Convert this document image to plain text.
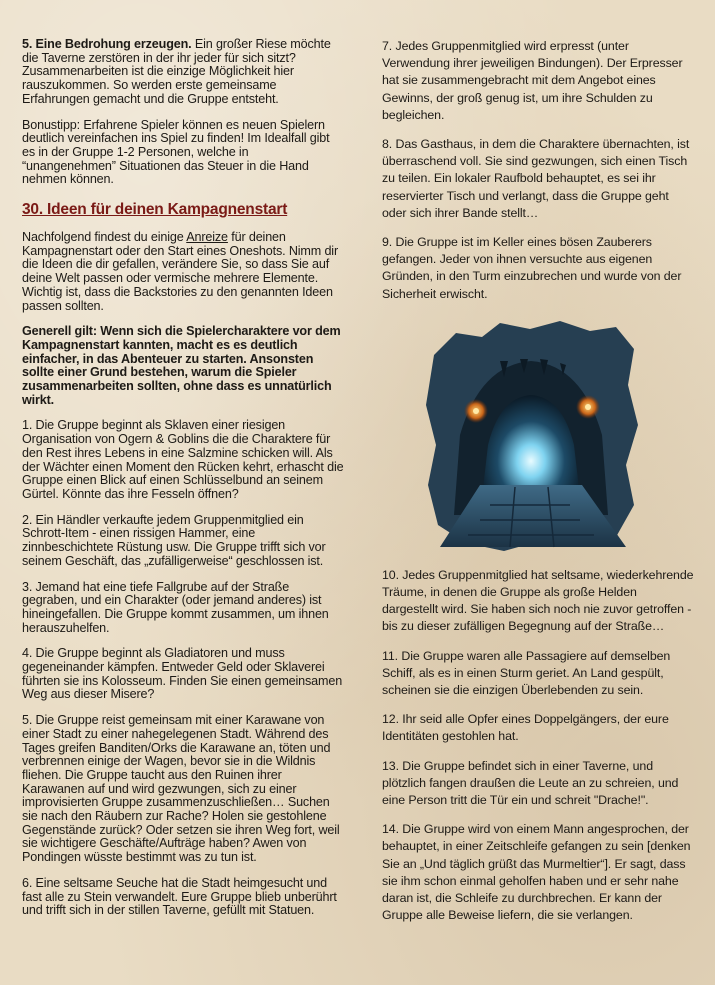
5. Eine Bedrohung erzeugen. Ein großer Riese möchte die Taverne zerstören in der ihr jeder für sich sitzt? Zusammenarbeiten ist die einzige Möglichkeit hier rauszukommen. So werden erste gemeinsame Erfahrungen gemacht und die Gruppe entsteht.

Bonustipp: Erfahrene Spieler können es neuen Spielern deutlich vereinfachen ins Spiel zu finden! Im Idealfall gibt es in der Gruppe 1-2 Personen, welche in “unangenehmen” Situationen das Steuer in die Hand nehmen können.

30. Ideen für deinen Kampagnenstart

Nachfolgend findest du einige Anreize für deinen Kampagnenstart oder den Start eines Oneshots. Nimm dir die Ideen die dir gefallen, verändere Sie, so dass Sie auf deine Welt passen oder vermische mehrere Elemente. Wichtig ist, dass die Backstories zu den genannten Ideen passen sollten.

Generell gilt: Wenn sich die Spielercharaktere vor dem Kampagnenstart kannten, macht es es deutlich einfacher, in das Abenteuer zu starten. Ansonsten sollte einer Grund bestehen, warum die Spieler zusammenarbeiten sollten, ohne dass es unnatürlich wirkt.

1. Die Gruppe beginnt als Sklaven einer riesigen Organisation von Ogern & Goblins die die Charaktere für den Rest ihres Lebens in eine Salzmine schicken will. Als der Wächter einen Moment den Rücken kehrt, erhascht die Gruppe einen Blick auf einen Schlüsselbund an seinem Gürtel. Könnte das ihre Fesseln öffnen?

2. Ein Händler verkaufte jedem Gruppenmitglied ein Schrott-Item - einen rissigen Hammer, eine zinnbeschichtete Rüstung usw. Die Gruppe trifft sich vor seinem Geschäft, das „zufälligerweise“ geschlossen ist.

3. Jemand hat eine tiefe Fallgrube auf der Straße gegraben, und ein Charakter (oder jemand anderes) ist hineingefallen. Die Gruppe kommt zusammen, um ihnen herauszuhelfen.

4. Die Gruppe beginnt als Gladiatoren und muss gegeneinander kämpfen. Entweder Geld oder Sklaverei führten sie ins Kolosseum. Finden Sie einen gemeinsamen Weg aus dieser Misere?

5. Die Gruppe reist gemeinsam mit einer Karawane von einer Stadt zu einer nahegelegenen Stadt. Während des Tages greifen Banditen/Orks die Karawane an, töten und verbrennen einige der Wagen, bevor sie in die Wildnis fliehen. Die Gruppe taucht aus den Ruinen ihrer Karawanen auf und wird gezwungen, sich zu einer improvisierten Gruppe zusammenzuschließen… Suchen sie nach den Räubern zur Rache? Holen sie gestohlene Gegenstände zurück? Oder setzen sie ihren Weg fort, weil sie wichtigere Geschäfte/Aufträge haben? Awen von Pondingen wüsste bestimmt was zu tun ist.

6. Eine seltsame Seuche hat die Stadt heimgesucht und fast alle zu Stein verwandelt. Eure Gruppe blieb unberührt und trifft sich in der stillen Taverne, gefüllt mit Statuen.

7. Jedes Gruppenmitglied wird erpresst (unter Verwendung ihrer jeweiligen Bindungen). Der Erpresser hat sie zusammengebracht mit dem Angebot eines Gewinns, der groß genug ist, um ihre Schulden zu begleichen.

8. Das Gasthaus, in dem die Charaktere übernachten, ist überraschend voll. Sie sind gezwungen, sich einen Tisch zu teilen. Ein lokaler Raufbold behauptet, es sei ihr reservierter Tisch und verlangt, dass die Gruppe geht oder sich ihrer Bande stellt…

9. Die Gruppe ist im Keller eines bösen Zauberers gefangen. Jeder von ihnen versuchte aus eigenen Gründen, in den Turm einzubrechen und wurde von der Sicherheit erwischt.

10. Jedes Gruppenmitglied hat seltsame, wiederkehrende Träume, in denen die Gruppe als große Helden dargestellt wird. Sie haben sich noch nie zuvor getroffen - bis zu dieser zufälligen Begegnung auf der Straße…

11. Die Gruppe waren alle Passagiere auf demselben Schiff, als es in einen Sturm geriet. An Land gespült, scheinen sie die einzigen Überlebenden zu sein.

12. Ihr seid alle Opfer eines Doppelgängers, der eure Identitäten gestohlen hat.

13. Die Gruppe befindet sich in einer Taverne, und plötzlich fangen draußen die Leute an zu schreien, und eine Person tritt die Tür ein und schreit "Drache!".

14. Die Gruppe wird von einem Mann angesprochen, der behauptet, in einer Zeitschleife gefangen zu sein [denken Sie an „Und täglich grüßt das Murmeltier“]. Er sagt, dass sie ihm schon einmal geholfen haben und er sehr nahe daran ist, die Schleife zu durchbrechen. Er kann der Gruppe alle Beweise liefern, die sie verlangen.
